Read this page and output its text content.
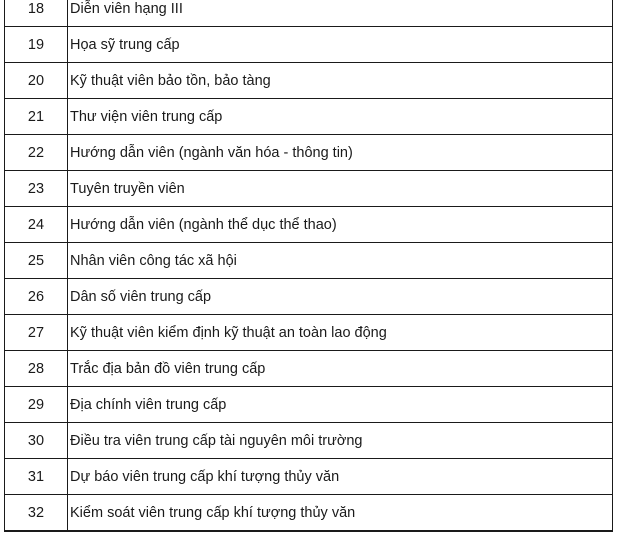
18	Diễn viên hạng III
19	Họa sỹ trung cấp
20	Kỹ thuật viên bảo tồn, bảo tàng
21	Thư viện viên trung cấp
22	Hướng dẫn viên (ngành văn hóa - thông tin)
23	Tuyên truyền viên
24	Hướng dẫn viên (ngành thể dục thể thao)
25	Nhân viên công tác xã hội
26	Dân số viên trung cấp
27	Kỹ thuật viên kiểm định kỹ thuật an toàn lao động
28	Trắc địa bản đồ viên trung cấp
29	Địa chính viên trung cấp
30	Điều tra viên trung cấp tài nguyên môi trường
31	Dự báo viên trung cấp khí tượng thủy văn
32	Kiểm soát viên trung cấp khí tượng thủy văn
